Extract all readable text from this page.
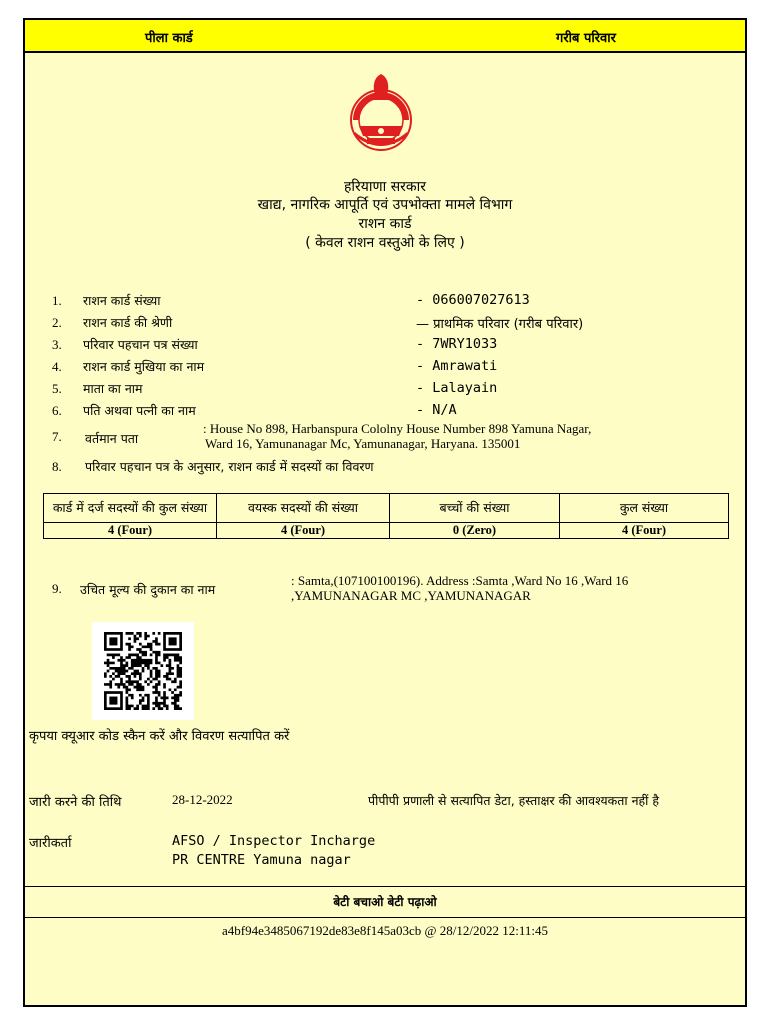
पीला कार्ड	गरीब परिवार
हरियाणा सरकार
खाद्य, नागरिक आपूर्ति एवं उपभोक्ता मामले विभाग
राशन कार्ड
( केवल राशन वस्तुओ के लिए )
1. राशन कार्ड संख्या	- 066007027613
2. राशन कार्ड की श्रेणी	— प्राथमिक परिवार (गरीब परिवार)
3. परिवार पहचान पत्र संख्या	- 7WRY1033
4. राशन कार्ड मुखिया का नाम	- Amrawati
5. माता का नाम	- Lalayain
6. पति अथवा पत्नी का नाम	- N/A
7. वर्तमान पता
: House No 898, Harbanspura Cololny House Number 898 Yamuna Nagar,
Ward 16, Yamunanagar Mc, Yamunanagar, Haryana. 135001
8. परिवार पहचान पत्र के अनुसार, राशन कार्ड में सदस्यों का विवरण
कार्ड में दर्ज सदस्यों की कुल संख्या	वयस्क सदस्यों की संख्या	बच्चों की संख्या	कुल संख्या
4 (Four)	4 (Four)	0 (Zero)	4 (Four)
9. उचित मूल्य की दुकान का नाम
: Samta,(107100100196). Address :Samta ,Ward No 16 ,Ward 16
,YAMUNANAGAR MC ,YAMUNANAGAR
कृपया क्यूआर कोड स्कैन करें और विवरण सत्यापित करें
जारी करने की तिथि	28-12-2022	पीपीपी प्रणाली से सत्यापित डेटा, हस्ताक्षर की आवश्यकता नहीं है
जारीकर्ता	AFSO / Inspector Incharge
PR CENTRE Yamuna nagar
बेटी बचाओ बेटी पढ़ाओ
a4bf94e3485067192de83e8f145a03cb @ 28/12/2022 12:11:45
